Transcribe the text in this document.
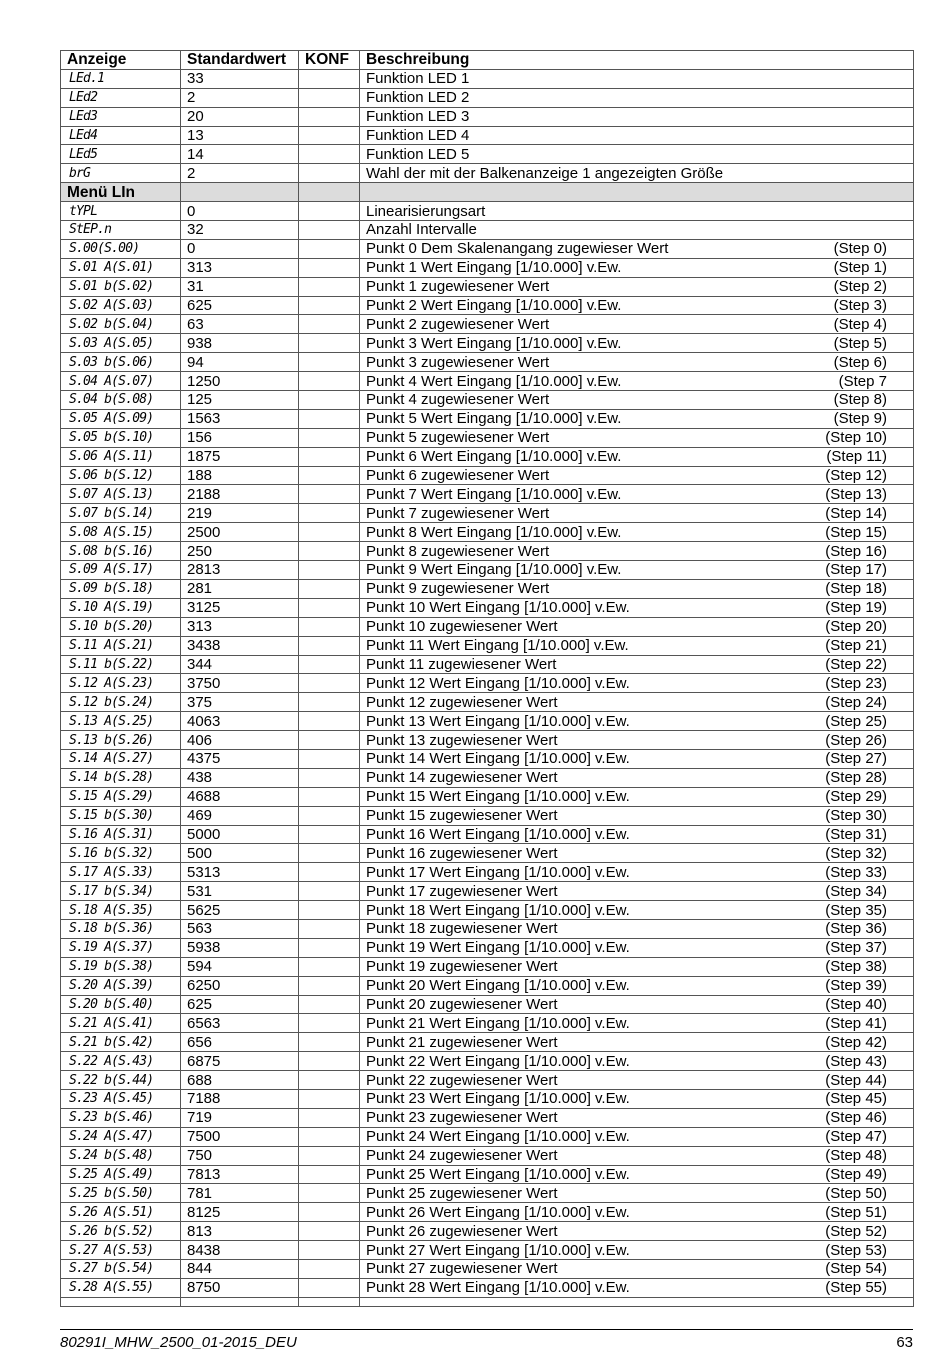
Anzeige	Standardwert	KONF	Beschreibung
LEd.1	33		Funktion LED 1

LEd2	2		Funktion LED 2

LEd3	20		Funktion LED 3

LEd4	13		Funktion LED 4

LEd5	14		Funktion LED 5

brG	2		Wahl der mit der Balkenanzeige 1 angezeigten Größe

Menü LIn			

tYPL	0		Linearisierungsart

StEP.n	32		Anzahl Intervalle

S.00(S.00)	0		Punkt 0 Dem Skalenangang zugewieser Wert (Step 0)

S.01 A(S.01)	313		Punkt 1 Wert Eingang [1/10.000] v.Ew. (Step 1)

S.01 b(S.02)	31		Punkt 1 zugewiesener Wert (Step 2)

S.02 A(S.03)	625		Punkt 2 Wert Eingang [1/10.000] v.Ew. (Step 3)

S.02 b(S.04)	63		Punkt 2 zugewiesener Wert (Step 4)

S.03 A(S.05)	938		Punkt 3 Wert Eingang [1/10.000] v.Ew. (Step 5)

S.03 b(S.06)	94		Punkt 3 zugewiesener Wert (Step 6)

S.04 A(S.07)	1250		Punkt 4 Wert Eingang [1/10.000] v.Ew. (Step 7

S.04 b(S.08)	125		Punkt 4 zugewiesener Wert (Step 8)

S.05 A(S.09)	1563		Punkt 5 Wert Eingang [1/10.000] v.Ew. (Step 9)

S.05 b(S.10)	156		Punkt 5 zugewiesener Wert (Step 10)

S.06 A(S.11)	1875		Punkt 6 Wert Eingang [1/10.000] v.Ew. (Step 11)

S.06 b(S.12)	188		Punkt 6 zugewiesener Wert (Step 12)

S.07 A(S.13)	2188		Punkt 7 Wert Eingang [1/10.000] v.Ew. (Step 13)

S.07 b(S.14)	219		Punkt 7 zugewiesener Wert (Step 14)

S.08 A(S.15)	2500		Punkt 8 Wert Eingang [1/10.000] v.Ew. (Step 15)

S.08 b(S.16)	250		Punkt 8 zugewiesener Wert (Step 16)

S.09 A(S.17)	2813		Punkt 9 Wert Eingang [1/10.000] v.Ew. (Step 17)

S.09 b(S.18)	281		Punkt 9 zugewiesener Wert (Step 18)

S.10 A(S.19)	3125		Punkt 10 Wert Eingang [1/10.000] v.Ew. (Step 19)

S.10 b(S.20)	313		Punkt 10 zugewiesener Wert (Step 20)

S.11 A(S.21)	3438		Punkt 11 Wert Eingang [1/10.000] v.Ew. (Step 21)

S.11 b(S.22)	344		Punkt 11 zugewiesener Wert (Step 22)

S.12 A(S.23)	3750		Punkt 12 Wert Eingang [1/10.000] v.Ew. (Step 23)

S.12 b(S.24)	375		Punkt 12 zugewiesener Wert (Step 24)

S.13 A(S.25)	4063		Punkt 13 Wert Eingang [1/10.000] v.Ew. (Step 25)

S.13 b(S.26)	406		Punkt 13 zugewiesener Wert (Step 26)

S.14 A(S.27)	4375		Punkt 14 Wert Eingang [1/10.000] v.Ew. (Step 27)

S.14 b(S.28)	438		Punkt 14 zugewiesener Wert (Step 28)

S.15 A(S.29)	4688		Punkt 15 Wert Eingang [1/10.000] v.Ew. (Step 29)

S.15 b(S.30)	469		Punkt 15 zugewiesener Wert (Step 30)

S.16 A(S.31)	5000		Punkt 16 Wert Eingang [1/10.000] v.Ew. (Step 31)

S.16 b(S.32)	500		Punkt 16 zugewiesener Wert (Step 32)

S.17 A(S.33)	5313		Punkt 17 Wert Eingang [1/10.000] v.Ew. (Step 33)

S.17 b(S.34)	531		Punkt 17 zugewiesener Wert (Step 34)

S.18 A(S.35)	5625		Punkt 18 Wert Eingang [1/10.000] v.Ew. (Step 35)

S.18 b(S.36)	563		Punkt 18 zugewiesener Wert (Step 36)

S.19 A(S.37)	5938		Punkt 19 Wert Eingang [1/10.000] v.Ew. (Step 37)

S.19 b(S.38)	594		Punkt 19 zugewiesener Wert (Step 38)

S.20 A(S.39)	6250		Punkt 20 Wert Eingang [1/10.000] v.Ew. (Step 39)

S.20 b(S.40)	625		Punkt 20 zugewiesener Wert (Step 40)

S.21 A(S.41)	6563		Punkt 21 Wert Eingang [1/10.000] v.Ew. (Step 41)

S.21 b(S.42)	656		Punkt 21 zugewiesener Wert (Step 42)

S.22 A(S.43)	6875		Punkt 22 Wert Eingang [1/10.000] v.Ew. (Step 43)

S.22 b(S.44)	688		Punkt 22 zugewiesener Wert (Step 44)

S.23 A(S.45)	7188		Punkt 23 Wert Eingang [1/10.000] v.Ew. (Step 45)

S.23 b(S.46)	719		Punkt 23 zugewiesener Wert (Step 46)

S.24 A(S.47)	7500		Punkt 24 Wert Eingang [1/10.000] v.Ew. (Step 47)

S.24 b(S.48)	750		Punkt 24 zugewiesener Wert (Step 48)

S.25 A(S.49)	7813		Punkt 25 Wert Eingang [1/10.000] v.Ew. (Step 49)

S.25 b(S.50)	781		Punkt 25 zugewiesener Wert (Step 50)

S.26 A(S.51)	8125		Punkt 26 Wert Eingang [1/10.000] v.Ew. (Step 51)

S.26 b(S.52)	813		Punkt 26 zugewiesener Wert (Step 52)

S.27 A(S.53)	8438		Punkt 27 Wert Eingang [1/10.000] v.Ew. (Step 53)

S.27 b(S.54)	844		Punkt 27 zugewiesener Wert (Step 54)

S.28 A(S.55)	8750		Punkt 28 Wert Eingang [1/10.000] v.Ew. (Step 55)

80291I_MHW_2500_01-2015_DEU	63
